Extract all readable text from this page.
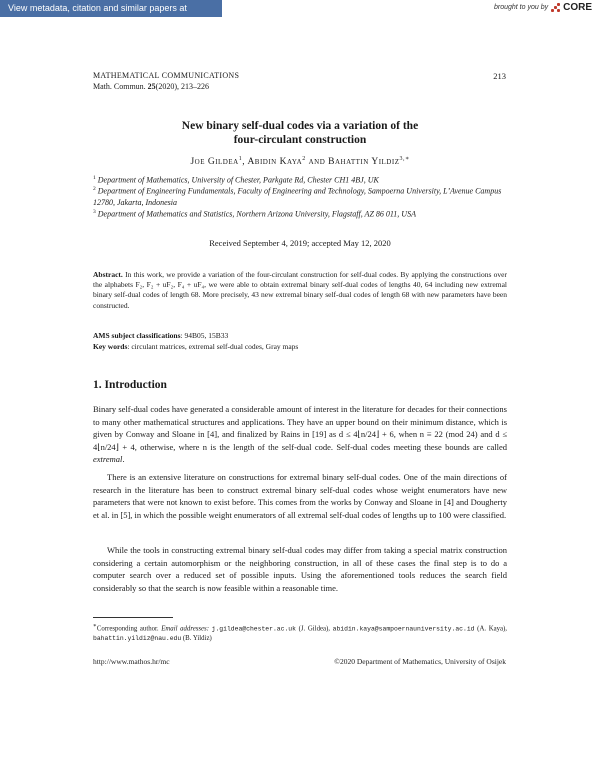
View metadata, citation and similar papers at core.ac.uk
brought to you by CORE
MATHEMATICAL COMMUNICATIONS
Math. Commun. 25(2020), 213–226
213
New binary self-dual codes via a variation of the
four-circulant construction
Joe Gildea$^1$, Abidin Kaya$^2$ and Bahattin Yildiz$^{3,∗}$
$^1$ Department of Mathematics, University of Chester, Parkgate Rd, Chester CH1 4BJ, UK
$^2$ Department of Engineering Fundamentals, Faculty of Engineering and Technology, Sampoerna University, L’Avenue Campus 12780, Jakarta, Indonesia
$^3$ Department of Mathematics and Statistics, Northern Arizona University, Flagstaff, AZ 86 011, USA
Received September 4, 2019; accepted May 12, 2020
Abstract. In this work, we provide a variation of the four-circulant construction for self-dual codes. By applying the constructions over the alphabets F₂, F₂ + uF₂, F₄ + uF₄, we were able to obtain extremal binary self-dual codes of lengths 40, 64 including new extremal binary self-dual codes of length 68. More precisely, 43 new extremal binary self-dual codes of length 68 with new parameters have been constructed.
AMS subject classifications: 94B05, 15B33
Key words: circulant matrices, extremal self-dual codes, Gray maps
1. Introduction
Binary self-dual codes have generated a considerable amount of interest in the literature for decades for their connections to many other mathematical structures and applications. They have an upper bound on their minimum distance, which is given by Conway and Sloane in [4], and finalized by Rains in [19] as d ≤ 4⌊n/24⌋ + 6, when n ≡ 22 (mod 24) and d ≤ 4⌊n/24⌋ + 4, otherwise, where n is the length of the self-dual code. Self-dual codes meeting these bounds are called extremal.
There is an extensive literature on constructions for extremal binary self-dual codes. One of the main directions of research in the literature has been to construct extremal binary self-dual codes whose weight enumerators have new parameters that were not known to exist before. This comes from the works by Conway and Sloane in [4] and Dougherty et al. in [5], in which the possible weight enumerators of all extremal self-dual codes of lengths up to 100 were classified.
While the tools in constructing extremal binary self-dual codes may differ from taking a special matrix construction considering a certain automorphism or the neighboring construction, in all of these cases the final step is to do a computer search over a reduced set of possible inputs. Using the aforementioned tools reduces the search field considerably so that the search is now feasible within a reasonable time.
∗Corresponding author. Email addresses: j.gildea@chester.ac.uk (J. Gildea), abidin.kaya@sampoernauniversity.ac.id (A. Kaya), bahattin.yildiz@nau.edu (B. Yildiz)
http://www.mathos.hr/mc	©2020 Department of Mathematics, University of Osijek
